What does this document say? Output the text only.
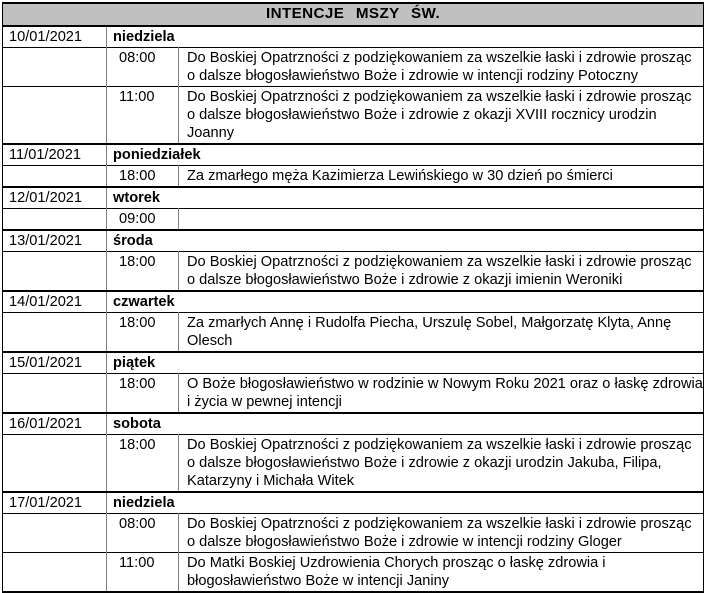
INTENCJE MSZY ŚW.		
10/01/2021	niedziela	
	08:00	Do Boskiej Opatrzności z podziękowaniem za wszelkie łaski i zdrowie prosząc o dalsze błogosławieństwo Boże i zdrowie w intencji rodziny Potoczny
	11:00	Do Boskiej Opatrzności z podziękowaniem za wszelkie łaski i zdrowie prosząc o dalsze błogosławieństwo Boże i zdrowie z okazji XVIII rocznicy urodzin Joanny
11/01/2021	poniedziałek	
	18:00	Za zmarłego męża Kazimierza Lewińskiego w 30 dzień po śmierci
12/01/2021	wtorek	
	09:00	
13/01/2021	środa	
	18:00	Do Boskiej Opatrzności z podziękowaniem za wszelkie łaski i zdrowie prosząc o dalsze błogosławieństwo Boże i zdrowie z okazji imienin Weroniki
14/01/2021	czwartek	
	18:00	Za zmarłych Annę i Rudolfa Piecha, Urszulę Sobel, Małgorzatę Klyta, Annę Olesch
15/01/2021	piątek	
	18:00	O Boże błogosławieństwo w rodzinie w Nowym Roku 2021 oraz o łaskę zdrowia i życia w pewnej intencji
16/01/2021	sobota	
	18:00	Do Boskiej Opatrzności z podziękowaniem za wszelkie łaski i zdrowie prosząc o dalsze błogosławieństwo Boże i zdrowie z okazji urodzin Jakuba, Filipa, Katarzyny i Michała Witek
17/01/2021	niedziela	
	08:00	Do Boskiej Opatrzności z podziękowaniem za wszelkie łaski i zdrowie prosząc o dalsze błogosławieństwo Boże i zdrowie w intencji rodziny Gloger
	11:00	Do Matki Boskiej Uzdrowienia Chorych prosząc o łaskę zdrowia i błogosławieństwo Boże w intencji Janiny
